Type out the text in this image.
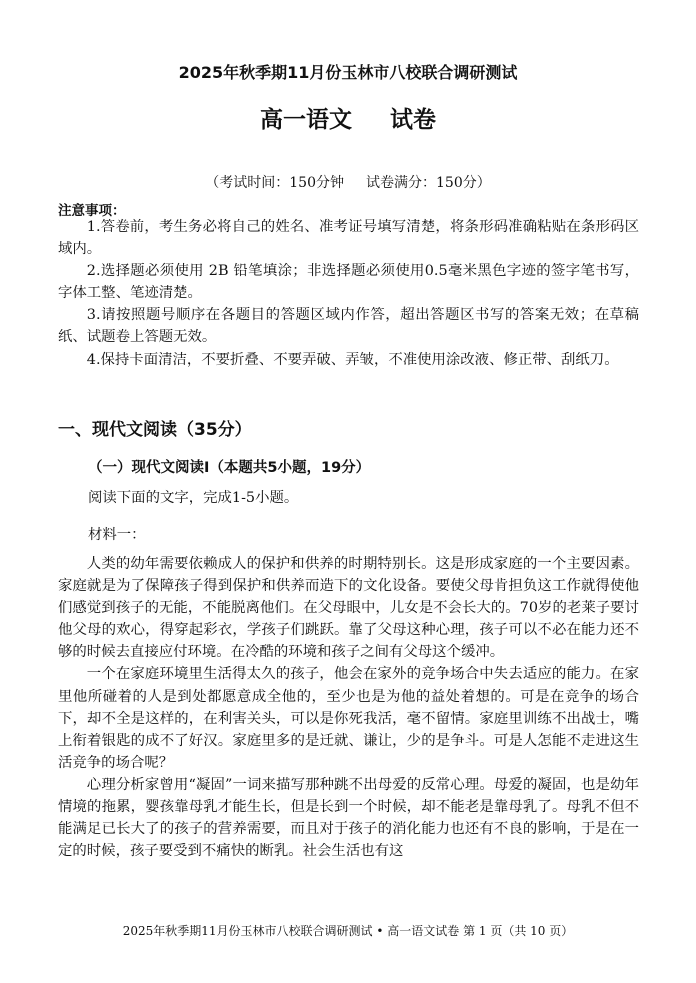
2025年秋季期11月份玉林市八校联合调研测试
高一语文 试卷
（考试时间：150分钟 试卷满分：150分）
注意事项：

1.答卷前，考生务必将自己的姓名、准考证号填写清楚，将条形码准确粘贴在条形码区域内。

2.选择题必须使用 2B 铅笔填涂；非选择题必须使用0.5毫米黑色字迹的签字笔书写，字体工整、笔迹清楚。

3.请按照题号顺序在各题目的答题区域内作答，超出答题区书写的答案无效；在草稿纸、试题卷上答题无效。

4.保持卡面清洁，不要折叠、不要弄破、弄皱，不准使用涂改液、修正带、刮纸刀。

一、现代文阅读（35分）
（一）现代文阅读Ⅰ（本题共5小题，19分）
阅读下面的文字，完成1-5小题。
材料一：

人类的幼年需要依赖成人的保护和供养的时期特别长。这是形成家庭的一个主要因素。家庭就是为了保障孩子得到保护和供养而造下的文化设备。要使父母肯担负这工作就得使他们感觉到孩子的无能，不能脱离他们。在父母眼中，儿女是不会长大的。70岁的老莱子要讨他父母的欢心，得穿起彩衣，学孩子们跳跃。靠了父母这种心理，孩子可以不必在能力还不够的时候去直接应付环境。在冷酷的环境和孩子之间有父母这个缓冲。

一个在家庭环境里生活得太久的孩子，他会在家外的竞争场合中失去适应的能力。在家里他所碰着的人是到处都愿意成全他的，至少也是为他的益处着想的。可是在竞争的场合下，却不全是这样的，在利害关头，可以是你死我活，毫不留情。家庭里训练不出战士，嘴上衔着银匙的成不了好汉。家庭里多的是迁就、谦让，少的是争斗。可是人怎能不走进这生活竞争的场合呢？

心理分析家曾用“凝固”一词来描写那种跳不出母爱的反常心理。母爱的凝固，也是幼年情境的拖累，婴孩靠母乳才能生长，但是长到一个时候，却不能老是靠母乳了。母乳不但不能满足已长大了的孩子的营养需要，而且对于孩子的消化能力也还有不良的影响，于是在一定的时候，孩子要受到不痛快的断乳。社会生活也有这

2025年秋季期11月份玉林市八校联合调研测试 • 高一语文试卷 第 1 页（共 10 页）
